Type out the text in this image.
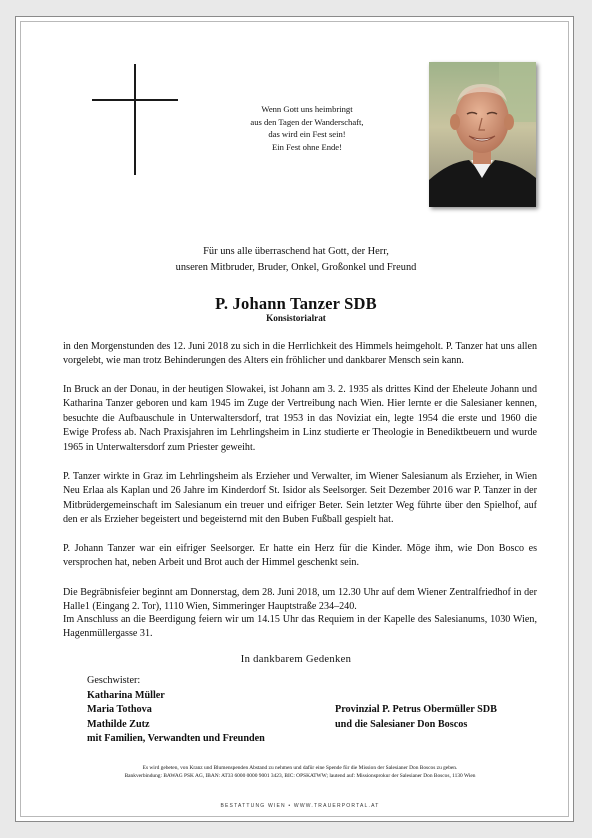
Wenn Gott uns heimbringt
aus den Tagen der Wanderschaft,
das wird ein Fest sein!
Ein Fest ohne Ende!
Für uns alle überraschend hat Gott, der Herr,
unseren Mitbruder, Bruder, Onkel, Großonkel und Freund
P. Johann Tanzer SDB
Konsistorialrat

in den Morgenstunden des 12. Juni 2018 zu sich in die Herrlichkeit des Himmels heimgeholt. P. Tanzer hat uns allen vorgelebt, wie man trotz Behinderungen des Alters ein fröhlicher und dankbarer Mensch sein kann.

In Bruck an der Donau, in der heutigen Slowakei, ist Johann am 3. 2. 1935 als drittes Kind der Eheleute Johann und Katharina Tanzer geboren und kam 1945 im Zuge der Vertreibung nach Wien. Hier lernte er die Salesianer kennen, besuchte die Aufbauschule in Unterwaltersdorf, trat 1953 in das Noviziat ein, legte 1954 die erste und 1960 die Ewige Profess ab. Nach Praxisjahren im Lehrlingsheim in Linz studierte er Theologie in Benediktbeuern und wurde 1965 in Unterwaltersdorf zum Priester geweiht.

P. Tanzer wirkte in Graz im Lehrlingsheim als Erzieher und Verwalter, im Wiener Salesianum als Erzieher, in Wien Neu Erlaa als Kaplan und 26 Jahre im Kinderdorf St. Isidor als Seelsorger. Seit Dezember 2016 war P. Tanzer in der Mitbrüdergemeinschaft im Salesianum ein treuer und eifriger Beter. Sein letzter Weg führte über den Spielhof, auf den er als Erzieher begeistert und begeisternd mit den Buben Fußball gespielt hat.

P. Johann Tanzer war ein eifriger Seelsorger. Er hatte ein Herz für die Kinder. Möge ihm, wie Don Bosco es versprochen hat, neben Arbeit und Brot auch der Himmel geschenkt sein.

Die Begräbnisfeier beginnt am Donnerstag, dem 28. Juni 2018, um 12.30 Uhr auf dem Wiener Zentralfriedhof in der Halle1 (Eingang 2. Tor), 1110 Wien, Simmeringer Hauptstraße 234–240.

Im Anschluss an die Beerdigung feiern wir um 14.15 Uhr das Requiem in der Kapelle des Salesianums, 1030 Wien, Hagenmüllergasse 31.

In dankbarem Gedenken
Geschwister:
Katharina Müller
Maria Tothova
Mathilde Zutz
mit Familien, Verwandten und Freunden
Provinzial P. Petrus Obermüller SDB
und die Salesianer Don Boscos
Es wird gebeten, von Kranz und Blumenspenden Abstand zu nehmen und dafür eine Spende für die Mission der Salesianer Don Boscos zu geben.
Bankverbindung: BAWAG PSK AG, IBAN: AT33 6000 0000 9001 3423, BIC: OPSKATWW; lautend auf: Missionsprokur der Salesianer Don Boscos, 1130 Wien
BESTATTUNG WIEN • WWW.TRAUERPORTAL.AT
